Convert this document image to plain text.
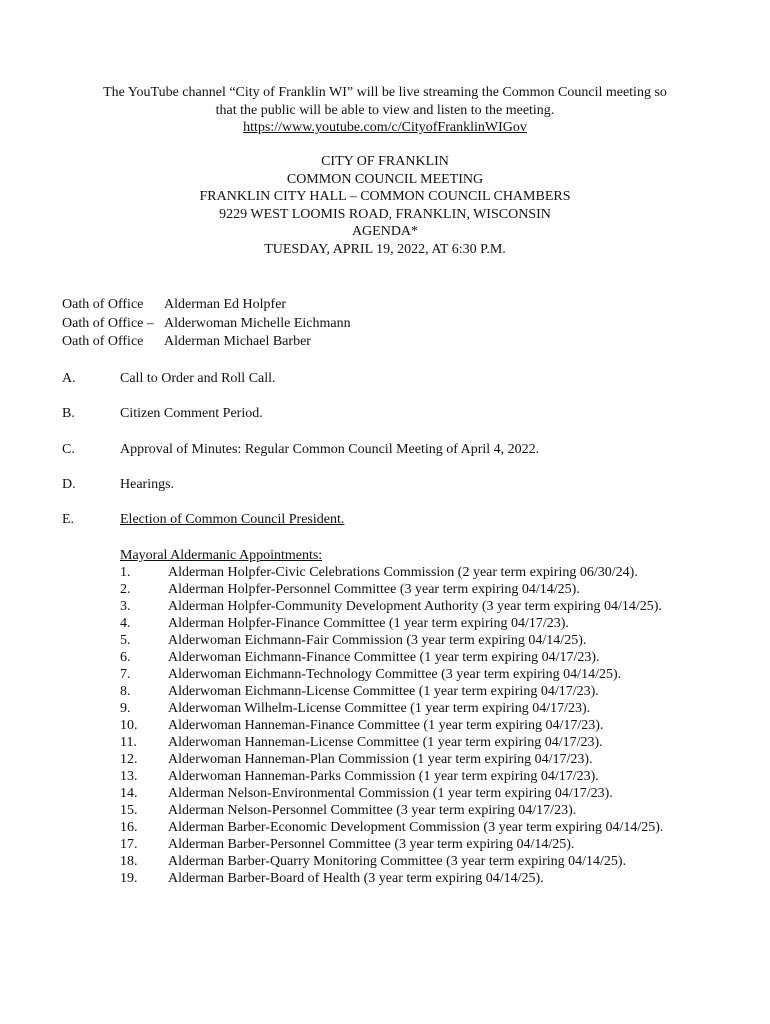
The YouTube channel “City of Franklin WI” will be live streaming the Common Council meeting so
that the public will be able to view and listen to the meeting.
https://www.youtube.com/c/CityofFranklinWIGov
CITY OF FRANKLIN
COMMON COUNCIL MEETING
FRANKLIN CITY HALL – COMMON COUNCIL CHAMBERS
9229 WEST LOOMIS ROAD, FRANKLIN, WISCONSIN
AGENDA*
TUESDAY, APRIL 19, 2022, AT 6:30 P.M.
Oath of Office Alderman Ed Holpfer
Oath of Office – Alderwoman Michelle Eichmann
Oath of Office Alderman Michael Barber
A.	Call to Order and Roll Call.
B.	Citizen Comment Period.
C.	Approval of Minutes: Regular Common Council Meeting of April 4, 2022.
D.	Hearings.
E.	Election of Common Council President.
Mayoral Aldermanic Appointments:
1.	Alderman Holpfer-Civic Celebrations Commission (2 year term expiring 06/30/24).
2.	Alderman Holpfer-Personnel Committee (3 year term expiring 04/14/25).
3.	Alderman Holpfer-Community Development Authority (3 year term expiring 04/14/25).
4.	Alderman Holpfer-Finance Committee (1 year term expiring 04/17/23).
5.	Alderwoman Eichmann-Fair Commission (3 year term expiring 04/14/25).
6.	Alderwoman Eichmann-Finance Committee (1 year term expiring 04/17/23).
7.	Alderwoman Eichmann-Technology Committee (3 year term expiring 04/14/25).
8.	Alderwoman Eichmann-License Committee (1 year term expiring 04/17/23).
9.	Alderwoman Wilhelm-License Committee (1 year term expiring 04/17/23).
10.	Alderwoman Hanneman-Finance Committee (1 year term expiring 04/17/23).
11.	Alderwoman Hanneman-License Committee (1 year term expiring 04/17/23).
12.	Alderwoman Hanneman-Plan Commission (1 year term expiring 04/17/23).
13.	Alderwoman Hanneman-Parks Commission (1 year term expiring 04/17/23).
14.	Alderman Nelson-Environmental Commission (1 year term expiring 04/17/23).
15.	Alderman Nelson-Personnel Committee (3 year term expiring 04/17/23).
16.	Alderman Barber-Economic Development Commission (3 year term expiring 04/14/25).
17.	Alderman Barber-Personnel Committee (3 year term expiring 04/14/25).
18.	Alderman Barber-Quarry Monitoring Committee (3 year term expiring 04/14/25).
19.	Alderman Barber-Board of Health (3 year term expiring 04/14/25).
